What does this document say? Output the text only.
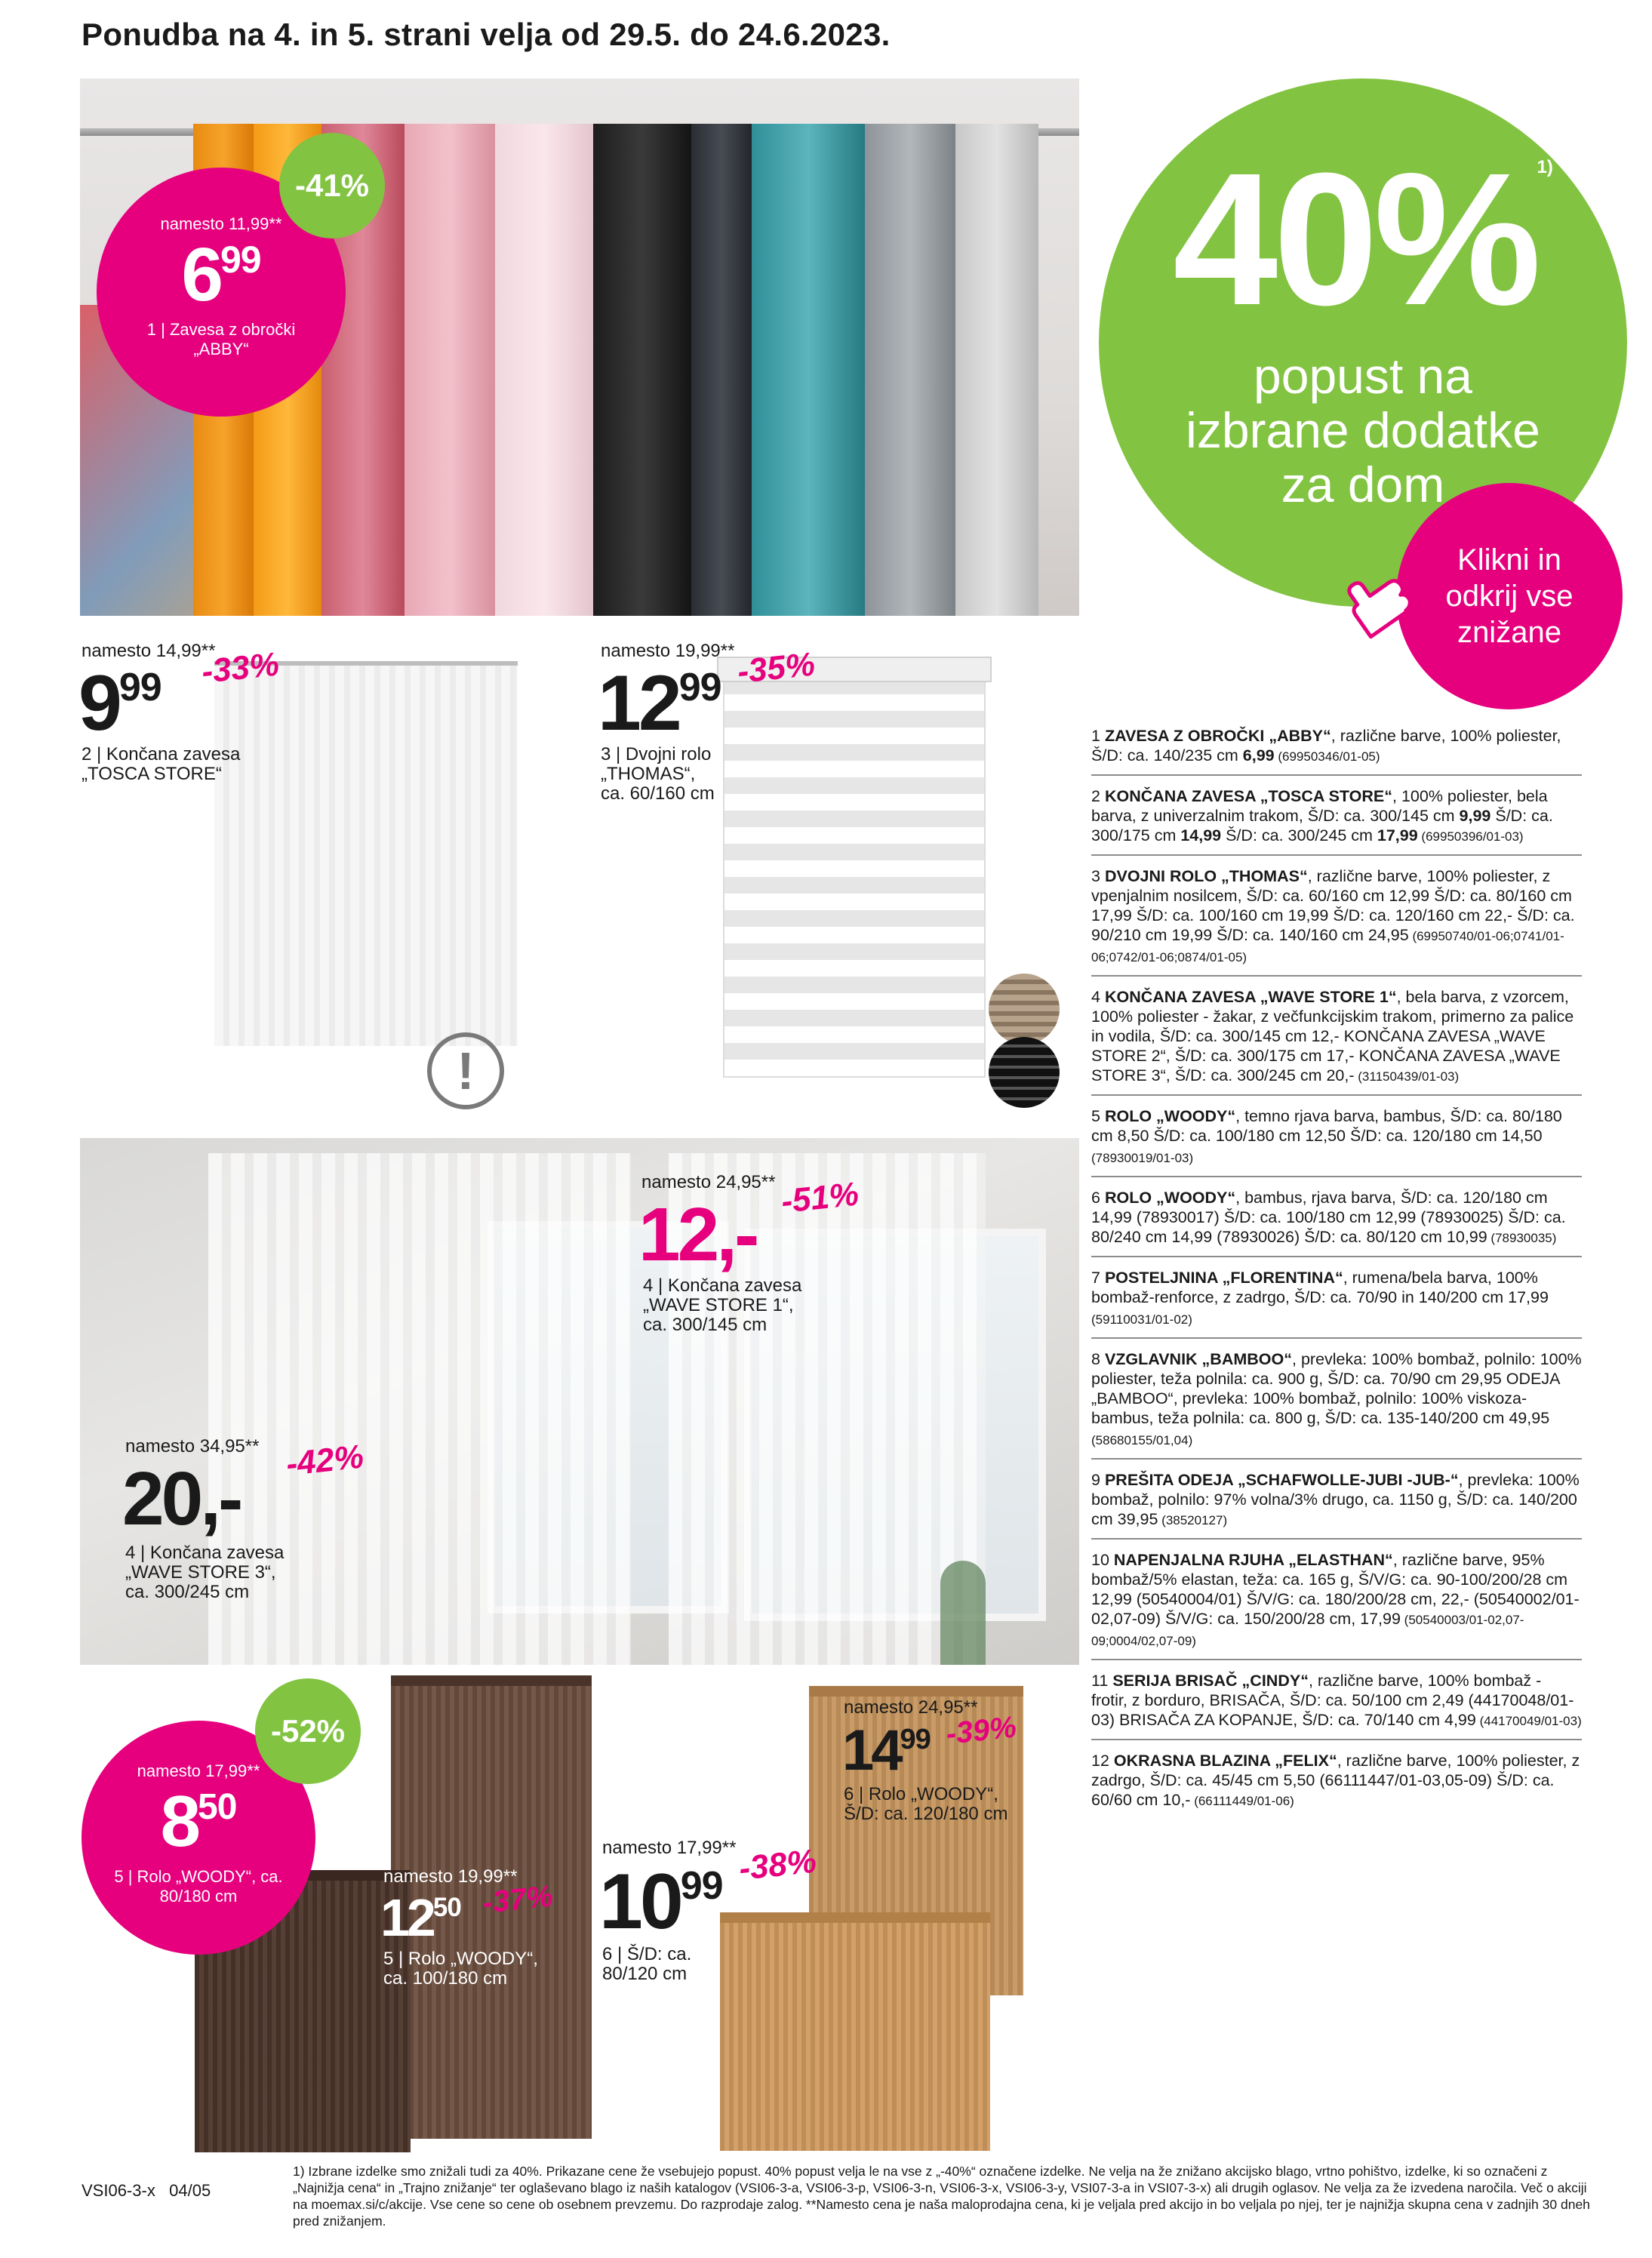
Ponudba na 4. in 5. strani velja od 29.5. do 24.6.2023.
namesto 11,99**
$6^{99}$
1 | Zavesa z obročki
„ABBY“
-41%	40%$^{1)}$
popust na
izbrane dodatke
za dom
Klikni in
odkrij vse
znižane
namesto 14,99**
$9^{99}$ -33%
2 | Končana zavesa
„TOSCA STORE“
!
namesto 19,99**
$12^{99}$ -35%
3 | Dvojni rolo
„THOMAS“,
ca. 60/160 cm
namesto 24,95**
12,- -51%
4 | Končana zavesa
„WAVE STORE 1“,
ca. 300/145 cm
namesto 34,95**
20,- -42%
4 | Končana zavesa
„WAVE STORE 3“,
ca. 300/245 cm
namesto 17,99**
$8^{50}$
5 | Rolo „WOODY“, ca.
80/180 cm
-52%
namesto 19,99**
$12^{50}$ -37%
5 | Rolo „WOODY“,
ca. 100/180 cm
namesto 24,95**
$14^{99}$ -39%
6 | Rolo „WOODY“,
Š/D: ca. 120/180 cm
namesto 17,99**
$10^{99}$ -38%
6 | Š/D: ca.
80/120 cm
1 ZAVESA Z OBROČKI „ABBY“, različne barve, 100% poliester, Š/D: ca. 140/235 cm 6,99 (69950346/01-05)
2 KONČANA ZAVESA „TOSCA STORE“, 100% poliester, bela barva, z univerzalnim trakom, Š/D: ca. 300/145 cm 9,99 Š/D: ca. 300/175 cm 14,99 Š/D: ca. 300/245 cm 17,99 (69950396/01-03)
3 DVOJNI ROLO „THOMAS“, različne barve, 100% poliester, z vpenjalnim nosilcem, Š/D: ca. 60/160 cm 12,99 Š/D: ca. 80/160 cm 17,99 Š/D: ca. 100/160 cm 19,99 Š/D: ca. 120/160 cm 22,- Š/D: ca. 90/210 cm 19,99 Š/D: ca. 140/160 cm 24,95 (69950740/01-06;0741/01-06;0742/01-06;0874/01-05)
4 KONČANA ZAVESA „WAVE STORE 1“, bela barva, z vzorcem, 100% poliester - žakar, z večfunkcijskim trakom, primerno za palice in vodila, Š/D: ca. 300/145 cm 12,- KONČANA ZAVESA „WAVE STORE 2“, Š/D: ca. 300/175 cm 17,- KONČANA ZAVESA „WAVE STORE 3“, Š/D: ca. 300/245 cm 20,- (31150439/01-03)
5 ROLO „WOODY“, temno rjava barva, bambus, Š/D: ca. 80/180 cm 8,50 Š/D: ca. 100/180 cm 12,50 Š/D: ca. 120/180 cm 14,50 (78930019/01-03)
6 ROLO „WOODY“, bambus, rjava barva, Š/D: ca. 120/180 cm 14,99 (78930017) Š/D: ca. 100/180 cm 12,99 (78930025) Š/D: ca. 80/240 cm 14,99 (78930026) Š/D: ca. 80/120 cm 10,99 (78930035)
7 POSTELJNINA „FLORENTINA“, rumena/bela barva, 100% bombaž-renforce, z zadrgo, Š/D: ca. 70/90 in 140/200 cm 17,99 (59110031/01-02)
8 VZGLAVNIK „BAMBOO“, prevleka: 100% bombaž, polnilo: 100% poliester, teža polnila: ca. 900 g, Š/D: ca. 70/90 cm 29,95 ODEJA „BAMBOO“, prevleka: 100% bombaž, polnilo: 100% viskoza-bambus, teža polnila: ca. 800 g, Š/D: ca. 135-140/200 cm 49,95 (58680155/01,04)
9 PREŠITA ODEJA „SCHAFWOLLE-JUBI -JUB-“, prevleka: 100% bombaž, polnilo: 97% volna/3% drugo, ca. 1150 g, Š/D: ca. 140/200 cm 39,95 (38520127)
10 NAPENJALNA RJUHA „ELASTHAN“, različne barve, 95% bombaž/5% elastan, teža: ca. 165 g, Š/V/G: ca. 90-100/200/28 cm 12,99 (50540004/01) Š/V/G: ca. 180/200/28 cm, 22,- (50540002/01-02,07-09) Š/V/G: ca. 150/200/28 cm, 17,99 (50540003/01-02,07-09;0004/02,07-09)
11 SERIJA BRISAČ „CINDY“, različne barve, 100% bombaž - frotir, z borduro, BRISAČA, Š/D: ca. 50/100 cm 2,49 (44170048/01-03) BRISAČA ZA KOPANJE, Š/D: ca. 70/140 cm 4,99 (44170049/01-03)
12 OKRASNA BLAZINA „FELIX“, različne barve, 100% poliester, z zadrgo, Š/D: ca. 45/45 cm 5,50 (66111447/01-03,05-09) Š/D: ca. 60/60 cm 10,- (66111449/01-06)
VSI06-3-x 04/05
1) Izbrane izdelke smo znižali tudi za 40%. Prikazane cene že vsebujejo popust. 40% popust velja le na vse z „-40%“ označene izdelke. Ne velja na že znižano akcijsko blago, vrtno pohištvo, izdelke, ki so označeni z „Najnižja cena“ in „Trajno znižanje“ ter oglaševano blago iz naših katalogov (VSI06-3-a, VSI06-3-p, VSI06-3-n, VSI06-3-x, VSI06-3-y, VSI07-3-a in VSI07-3-x) ali drugih oglasov. Ne velja za že izvedena naročila. Več o akciji na moemax.si/c/akcije. Vse cene so cene ob osebnem prevzemu. Do razprodaje zalog. **Namesto cena je naša maloprodajna cena, ki je veljala pred akcijo in bo veljala po njej, ter je najnižja skupna cena v zadnjih 30 dneh pred znižanjem.
